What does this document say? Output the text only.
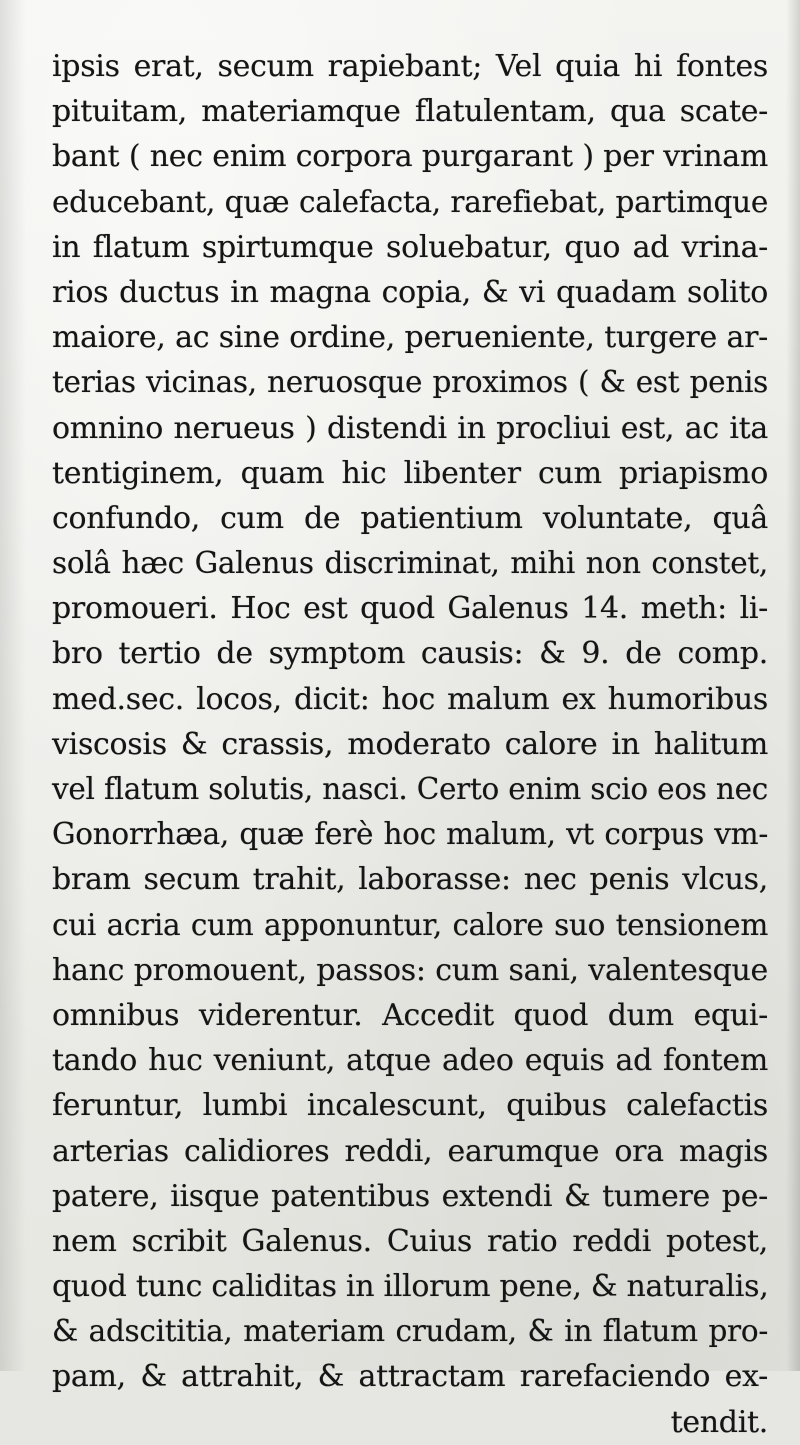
ipsis erat, secum rapiebant; Vel quia hi fontes
pituitam, materiamque flatulentam, qua scate-
bant ( nec enim corpora purgarant ) per vrinam
educebant, quæ calefacta, rarefiebat, partimque
in flatum spirtumque soluebatur, quo ad vrina-
rios ductus in magna copia, & vi quadam solito
maiore, ac sine ordine, perueniente, turgere ar-
terias vicinas, neruosque proximos ( & est penis
omnino nerueus ) distendi in procliui est, ac ita
tentiginem, quam hic libenter cum priapismo
confundo, cum de patientium voluntate, quâ
solâ hæc Galenus discriminat, mihi non constet,
promoueri. Hoc est quod Galenus 14. meth: li-
bro tertio de symptom causis: & 9. de comp.
med.sec. locos, dicit: hoc malum ex humoribus
viscosis & crassis, moderato calore in halitum
vel flatum solutis, nasci. Certo enim scio eos nec
Gonorrhæa, quæ ferè hoc malum, vt corpus vm-
bram secum trahit, laborasse: nec penis vlcus,
cui acria cum apponuntur, calore suo tensionem
hanc promouent, passos: cum sani, valentesque
omnibus viderentur. Accedit quod dum equi-
tando huc veniunt, atque adeo equis ad fontem
feruntur, lumbi incalescunt, quibus calefactis
arterias calidiores reddi, earumque ora magis
patere, iisque patentibus extendi & tumere pe-
nem scribit Galenus. Cuius ratio reddi potest,
quod tunc caliditas in illorum pene, & naturalis,
& adscititia, materiam crudam, & in flatum pro-
pam, & attrahit, & attractam rarefaciendo ex-
tendit.
